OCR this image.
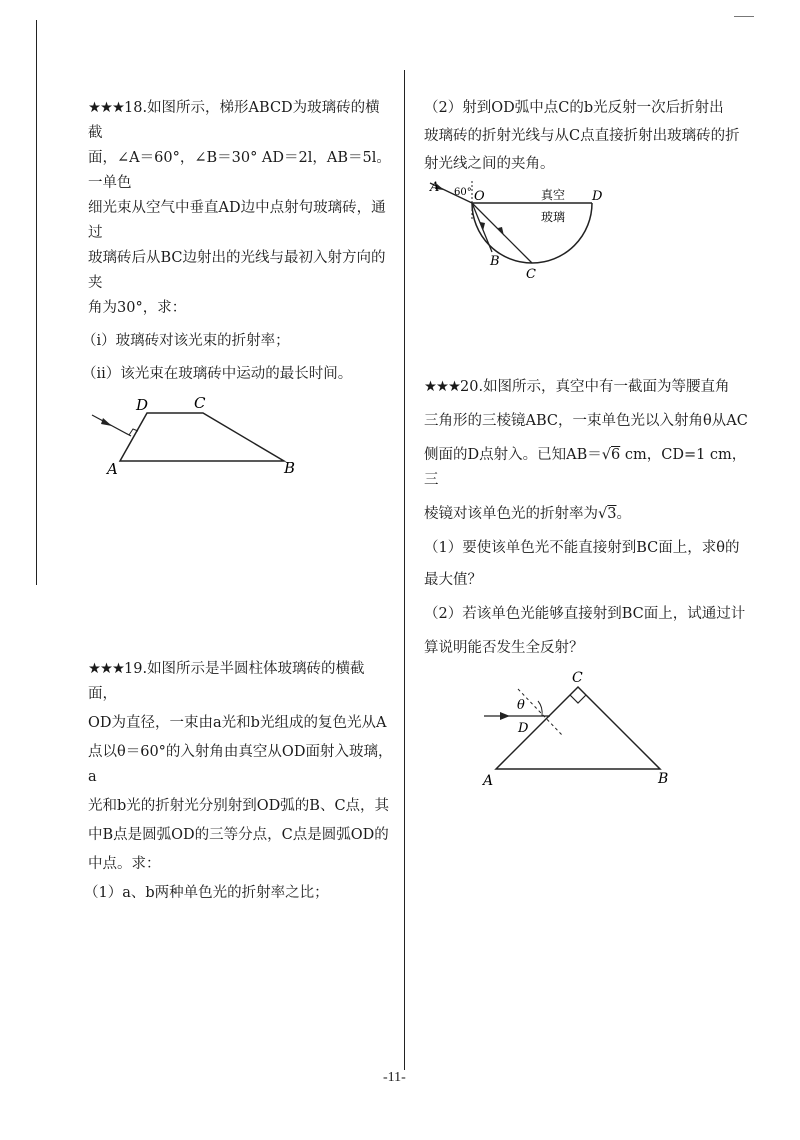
★★★18.如图所示，梯形ABCD为玻璃砖的横截

面，∠A＝60°，∠B＝30° AD＝2l，AB＝5l。一单色

细光束从空气中垂直AD边中点射句玻璃砖，通过

玻璃砖后从BC边射出的光线与最初入射方向的夹

角为30°，求：

（ⅰ）玻璃砖对该光束的折射率；

（ⅱ）该光束在玻璃砖中运动的最长时间。

D	C
A	B

★★★19.如图所示是半圆柱体玻璃砖的横截面，

OD为直径，一束由a光和b光组成的复色光从A

点以θ＝60°的入射角由真空从OD面射入玻璃，a

光和b光的折射光分别射到OD弧的B、C点，其

中B点是圆弧OD的三等分点，C点是圆弧OD的

中点。求：

（1）a、b两种单色光的折射率之比；

（2）射到OD弧中点C的b光反射一次后折射出

玻璃砖的折射光线与从C点直接折射出玻璃砖的折

射光线之间的夹角。

60°
A
O	真空 D
玻璃
B
C

★★★20.如图所示，真空中有一截面为等腰直角

三角形的三棱镜ABC，一束单色光以入射角θ从AC

侧面的D点射入。已知AB＝√6 cm，CD=1 cm，三

棱镜对该单色光的折射率为√3。

（1）要使该单色光不能直接射到BC面上，求θ的

最大值？

（2）若该单色光能够直接射到BC面上，试通过计

算说明能否发生全反射？

θ
D
C
A	B
-11-
